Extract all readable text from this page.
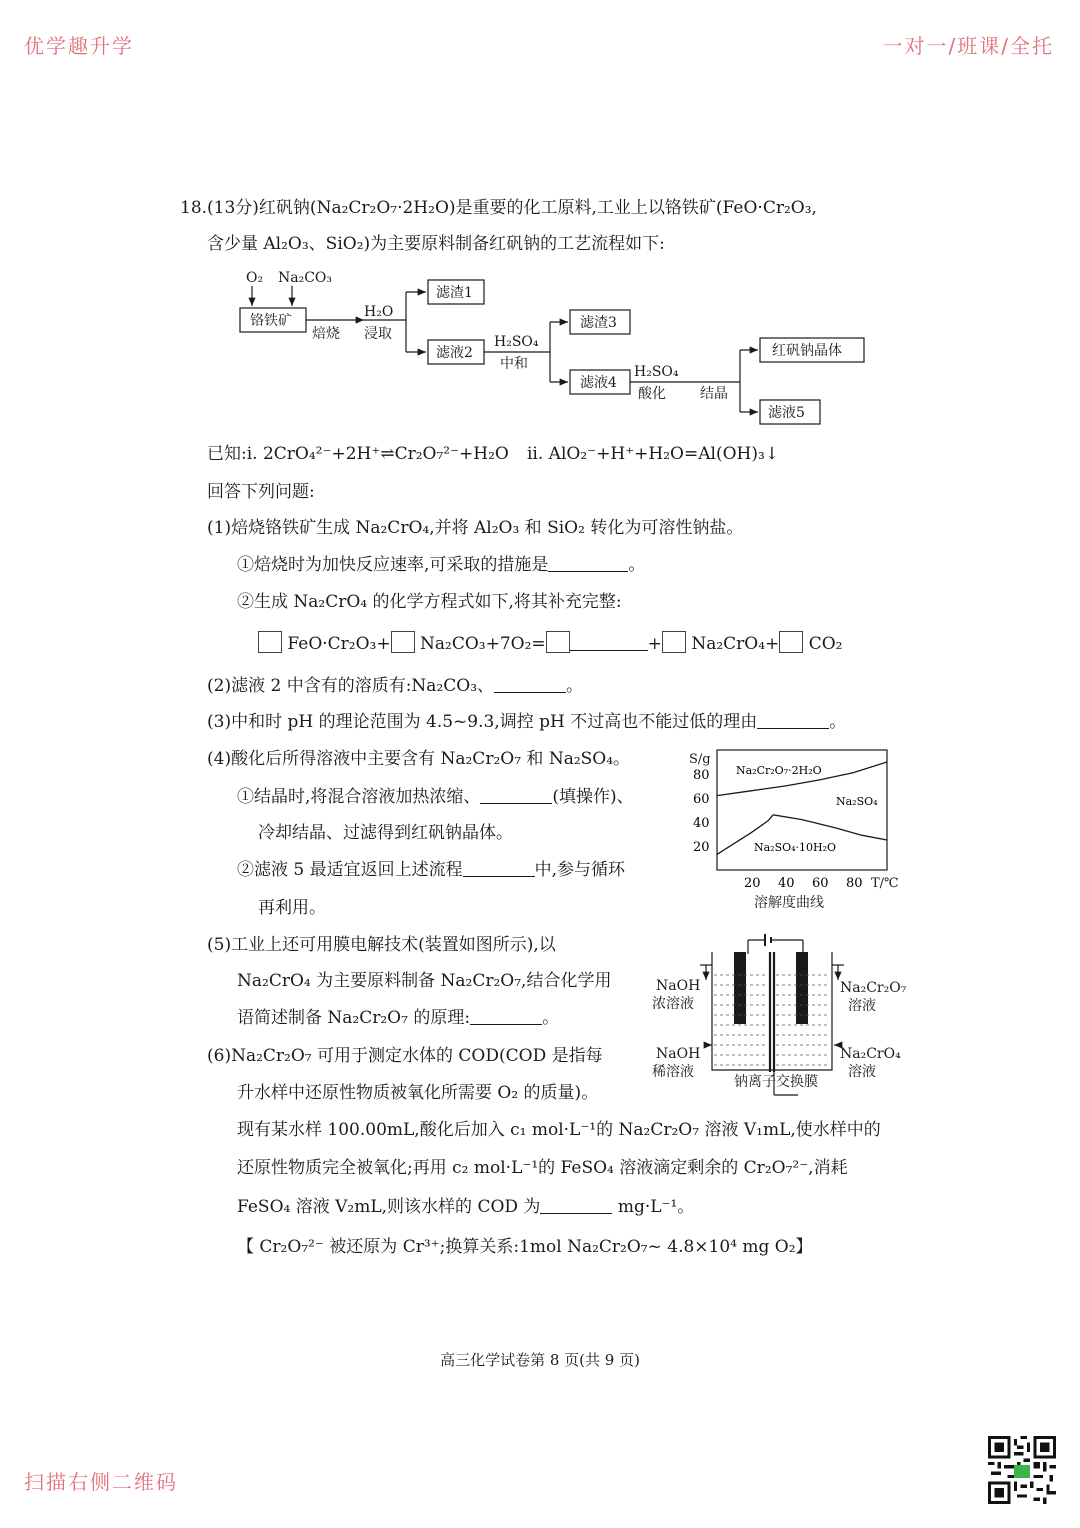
优学趣升学	一对一/班课/全托
扫描右侧二维码
18.(13分)红矾钠(Na₂Cr₂O₇·2H₂O)是重要的化工原料,工业上以铬铁矿(FeO·Cr₂O₃,
含少量 Al₂O₃、SiO₂)为主要原料制备红矾钠的工艺流程如下:
O₂ Na₂CO₃
铬铁矿
焙烧
H₂O
浸取
滤渣1
滤液2
H₂SO₄
中和
滤渣3
滤液4
H₂SO₄
酸化 结晶
红矾钠晶体
滤液5
已知:i. 2CrO₄²⁻+2H⁺⇌Cr₂O₇²⁻+H₂O ii. AlO₂⁻+H⁺+H₂O=Al(OH)₃↓
回答下列问题:
(1)焙烧铬铁矿生成 Na₂CrO₄,并将 Al₂O₃ 和 SiO₂ 转化为可溶性钠盐。
①焙烧时为加快反应速率,可采取的措施是	。
②生成 Na₂CrO₄ 的化学方程式如下,将其补充完整:
FeO·Cr₂O₃+ Na₂CO₃+7O₂=	+ Na₂CrO₄+ CO₂
(2)滤液 2 中含有的溶质有:Na₂CO₃、	。
(3)中和时 pH 的理论范围为 4.5~9.3,调控 pH 不过高也不能过低的理由	。
(4)酸化后所得溶液中主要含有 Na₂Cr₂O₇ 和 Na₂SO₄。
①结晶时,将混合溶液加热浓缩、	(填操作)、
冷却结晶、过滤得到红矾钠晶体。
②滤液 5 最适宜返回上述流程	中,参与循环
再利用。
S/g
T/℃
溶解度曲线
20 40 60 80
20
40
60
80 Na₂Cr₂O₇·2H₂O
Na₂SO₄·10H₂O
Na₂SO₄
(5)工业上还可用膜电解技术(装置如图所示),以
Na₂CrO₄ 为主要原料制备 Na₂Cr₂O₇,结合化学用
语简述制备 Na₂Cr₂O₇ 的原理:	。
NaOH
浓溶液
NaOH
稀溶液
Na₂Cr₂O₇
溶液
Na₂CrO₄
溶液
钠离子交换膜
(6)Na₂Cr₂O₇ 可用于测定水体的 COD(COD 是指每
升水样中还原性物质被氧化所需要 O₂ 的质量)。
现有某水样 100.00mL,酸化后加入 c₁ mol·L⁻¹的 Na₂Cr₂O₇ 溶液 V₁mL,使水样中的
还原性物质完全被氧化;再用 c₂ mol·L⁻¹的 FeSO₄ 溶液滴定剩余的 Cr₂O₇²⁻,消耗
FeSO₄ 溶液 V₂mL,则该水样的 COD 为	mg·L⁻¹。
【 Cr₂O₇²⁻ 被还原为 Cr³⁺;换算关系:1mol Na₂Cr₂O₇~ 4.8×10⁴ mg O₂】
高三化学试卷第 8 页(共 9 页)
